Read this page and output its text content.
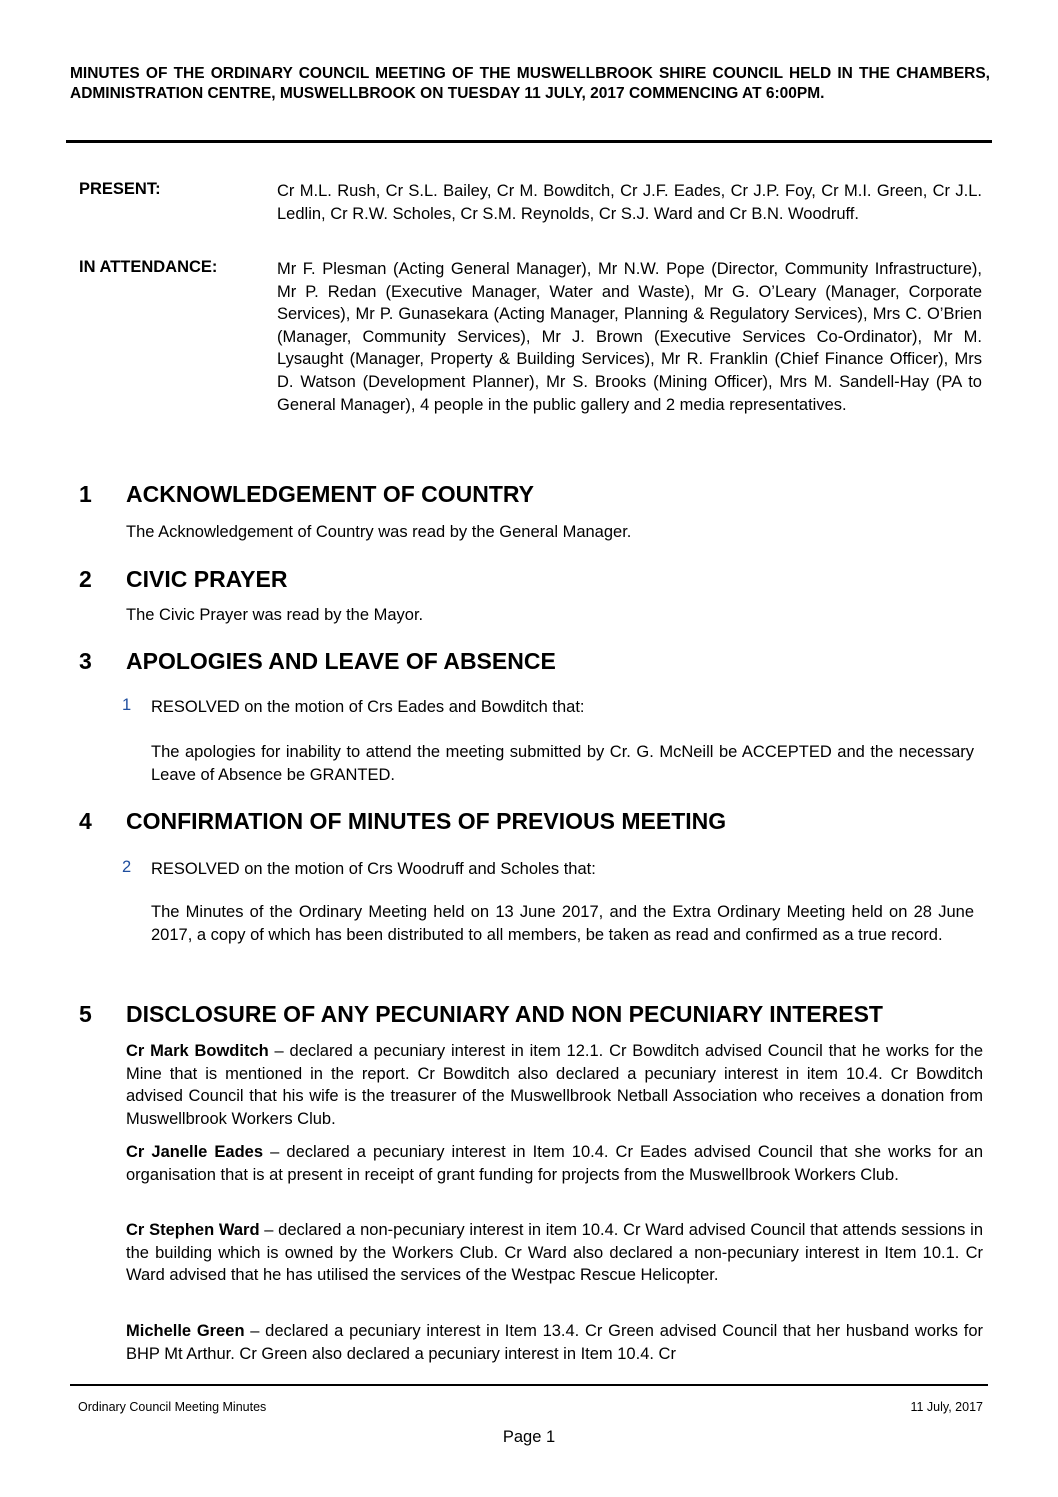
MINUTES OF THE ORDINARY COUNCIL MEETING OF THE MUSWELLBROOK SHIRE COUNCIL HELD IN THE CHAMBERS, ADMINISTRATION CENTRE, MUSWELLBROOK ON TUESDAY 11 JULY, 2017 COMMENCING AT 6:00PM.
PRESENT:	Cr M.L. Rush, Cr S.L. Bailey, Cr M. Bowditch, Cr J.F. Eades, Cr J.P. Foy, Cr M.I. Green, Cr J.L. Ledlin, Cr R.W. Scholes, Cr S.M. Reynolds, Cr S.J. Ward and Cr B.N. Woodruff.
IN ATTENDANCE:	Mr F. Plesman (Acting General Manager), Mr N.W. Pope (Director, Community Infrastructure), Mr P. Redan (Executive Manager, Water and Waste), Mr G. O’Leary (Manager, Corporate Services), Mr P. Gunasekara (Acting Manager, Planning & Regulatory Services), Mrs C. O’Brien (Manager, Community Services), Mr J. Brown (Executive Services Co-Ordinator), Mr M. Lysaught (Manager, Property & Building Services), Mr R. Franklin (Chief Finance Officer), Mrs D. Watson (Development Planner), Mr S. Brooks (Mining Officer), Mrs M. Sandell-Hay (PA to General Manager), 4 people in the public gallery and 2 media representatives.
1 ACKNOWLEDGEMENT OF COUNTRY
The Acknowledgement of Country was read by the General Manager.
2 CIVIC PRAYER
The Civic Prayer was read by the Mayor.
3 APOLOGIES AND LEAVE OF ABSENCE
1 RESOLVED on the motion of Crs Eades and Bowditch that:
The apologies for inability to attend the meeting submitted by Cr. G. McNeill be ACCEPTED and the necessary Leave of Absence be GRANTED.
4 CONFIRMATION OF MINUTES OF PREVIOUS MEETING
2 RESOLVED on the motion of Crs Woodruff and Scholes that:
The Minutes of the Ordinary Meeting held on 13 June 2017, and the Extra Ordinary Meeting held on 28 June 2017, a copy of which has been distributed to all members, be taken as read and confirmed as a true record.
5 DISCLOSURE OF ANY PECUNIARY AND NON PECUNIARY INTEREST
Cr Mark Bowditch – declared a pecuniary interest in item 12.1. Cr Bowditch advised Council that he works for the Mine that is mentioned in the report. Cr Bowditch also declared a pecuniary interest in item 10.4. Cr Bowditch advised Council that his wife is the treasurer of the Muswellbrook Netball Association who receives a donation from Muswellbrook Workers Club.
Cr Janelle Eades – declared a pecuniary interest in Item 10.4. Cr Eades advised Council that she works for an organisation that is at present in receipt of grant funding for projects from the Muswellbrook Workers Club.
Cr Stephen Ward – declared a non-pecuniary interest in item 10.4. Cr Ward advised Council that attends sessions in the building which is owned by the Workers Club. Cr Ward also declared a non-pecuniary interest in Item 10.1. Cr Ward advised that he has utilised the services of the Westpac Rescue Helicopter.
Michelle Green – declared a pecuniary interest in Item 13.4. Cr Green advised Council that her husband works for BHP Mt Arthur. Cr Green also declared a pecuniary interest in Item 10.4. Cr
Ordinary Council Meeting Minutes	11 July, 2017
Page 1
